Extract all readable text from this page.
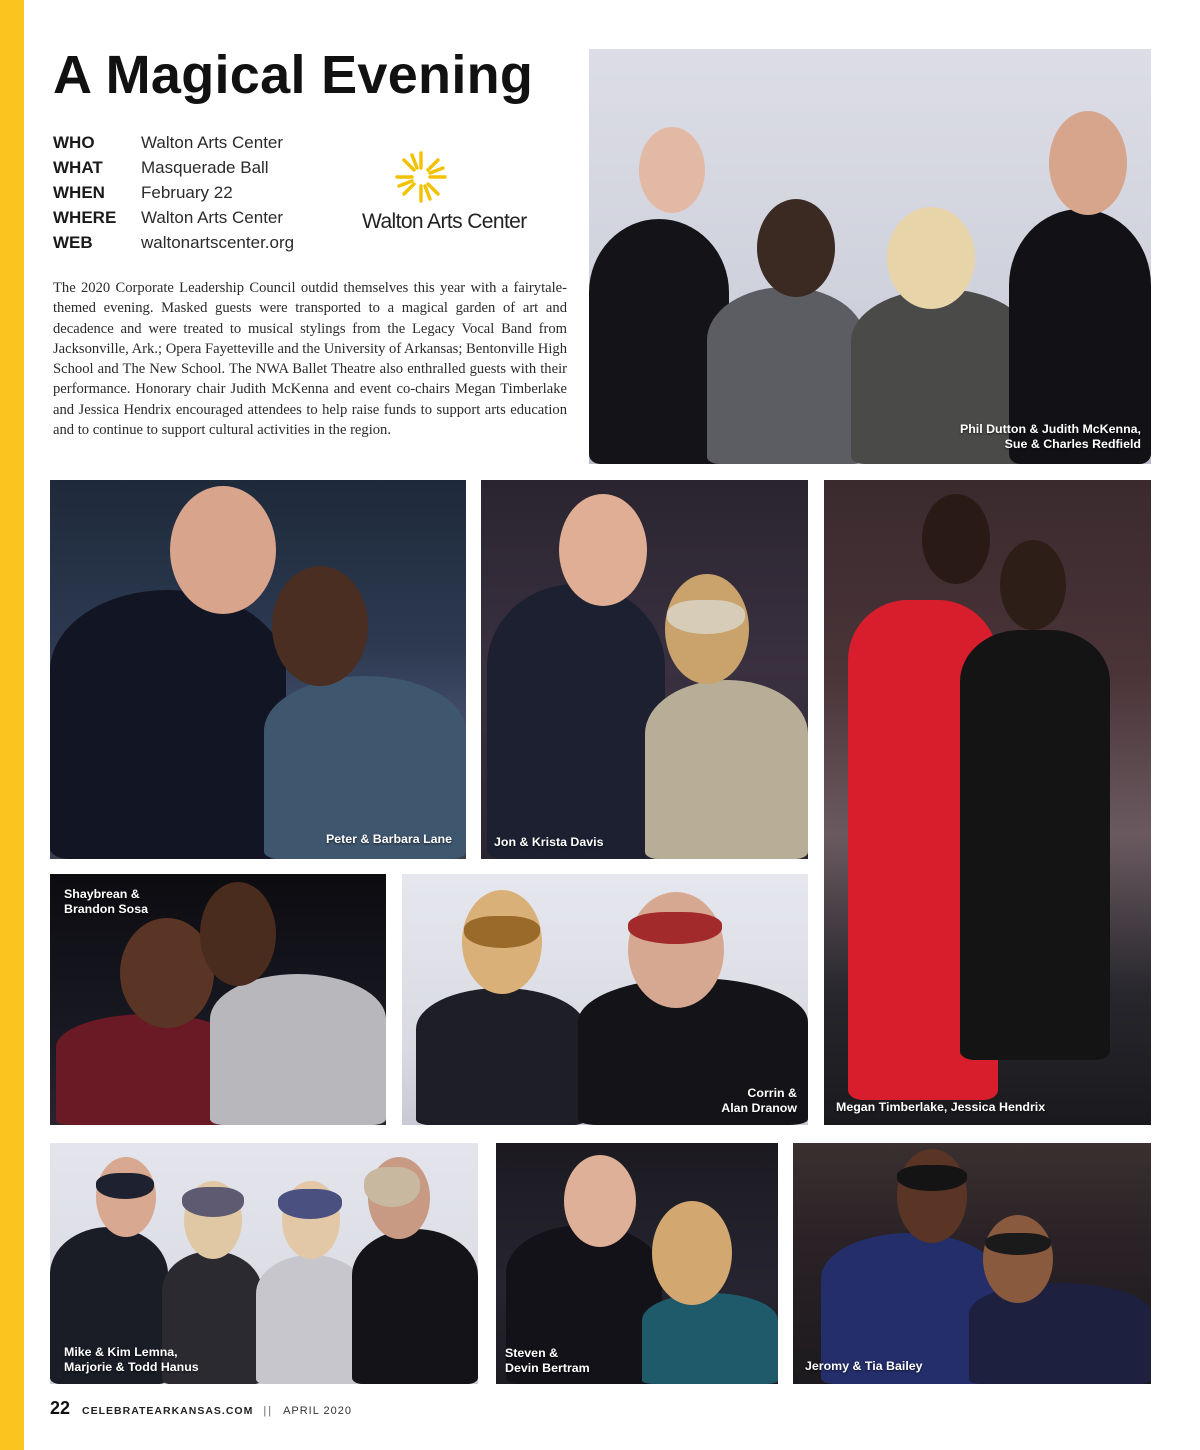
A Magical Evening
WHO	Walton Arts Center
WHAT	Masquerade Ball
WHEN	February 22
WHERE	Walton Arts Center
WEB	waltonartscenter.org
Walton Arts Center

The 2020 Corporate Leadership Council outdid themselves this year with a fairytale-themed evening. Masked guests were transported to a magical garden of art and decadence and were treated to musical stylings from the Legacy Vocal Band from Jacksonville, Ark.; Opera Fayetteville and the University of Arkansas; Bentonville High School and The New School. The NWA Ballet Theatre also enthralled guests with their performance. Honorary chair Judith McKenna and event co-chairs Megan Timberlake and Jessica Hendrix encouraged attendees to help raise funds to support arts education and to continue to support cultural activities in the region.	Phil Dutton & Judith McKenna,
Sue & Charles Redfield
Peter & Barbara Lane	Jon & Krista Davis
Megan Timberlake, Jessica Hendrix
Shaybrean &
Brandon Sosa
Corrin &
Alan Dranow
Mike & Kim Lemna,
Marjorie & Todd Hanus
Steven &
Devin Bertram	Jeromy & Tia Bailey
22 CELEBRATEARKANSAS.COM || APRIL 2020
